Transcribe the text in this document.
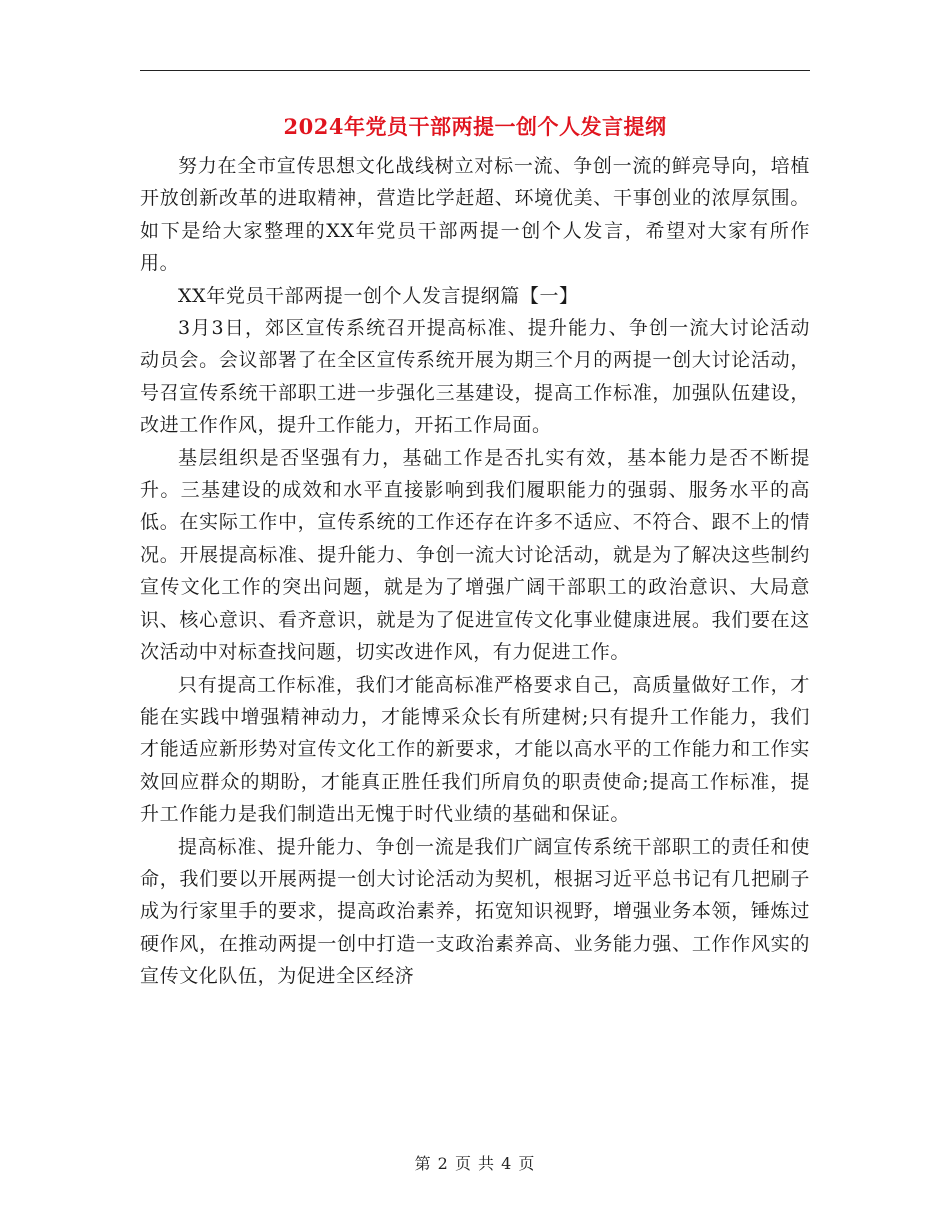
2024年党员干部两提一创个人发言提纲

努力在全市宣传思想文化战线树立对标一流、争创一流的鲜亮导向，培植开放创新改革的进取精神，营造比学赶超、环境优美、干事创业的浓厚氛围。如下是给大家整理的XX年党员干部两提一创个人发言，希望对大家有所作用。

XX年党员干部两提一创个人发言提纲篇【一】

3月3日，郊区宣传系统召开提高标准、提升能力、争创一流大讨论活动动员会。会议部署了在全区宣传系统开展为期三个月的两提一创大讨论活动，号召宣传系统干部职工进一步强化三基建设，提高工作标准，加强队伍建设，改进工作作风，提升工作能力，开拓工作局面。

基层组织是否坚强有力，基础工作是否扎实有效，基本能力是否不断提升。三基建设的成效和水平直接影响到我们履职能力的强弱、服务水平的高低。在实际工作中，宣传系统的工作还存在许多不适应、不符合、跟不上的情况。开展提高标准、提升能力、争创一流大讨论活动，就是为了解决这些制约宣传文化工作的突出问题，就是为了增强广阔干部职工的政治意识、大局意识、核心意识、看齐意识，就是为了促进宣传文化事业健康进展。我们要在这次活动中对标查找问题，切实改进作风，有力促进工作。

只有提高工作标准，我们才能高标准严格要求自己，高质量做好工作，才能在实践中增强精神动力，才能博采众长有所建树;只有提升工作能力，我们才能适应新形势对宣传文化工作的新要求，才能以高水平的工作能力和工作实效回应群众的期盼，才能真正胜任我们所肩负的职责使命;提高工作标准，提升工作能力是我们制造出无愧于时代业绩的基础和保证。

提高标准、提升能力、争创一流是我们广阔宣传系统干部职工的责任和使命，我们要以开展两提一创大讨论活动为契机，根据习近平总书记有几把刷子成为行家里手的要求，提高政治素养，拓宽知识视野，增强业务本领，锤炼过硬作风，在推动两提一创中打造一支政治素养高、业务能力强、工作作风实的宣传文化队伍，为促进全区经济

第 2 页 共 4 页
